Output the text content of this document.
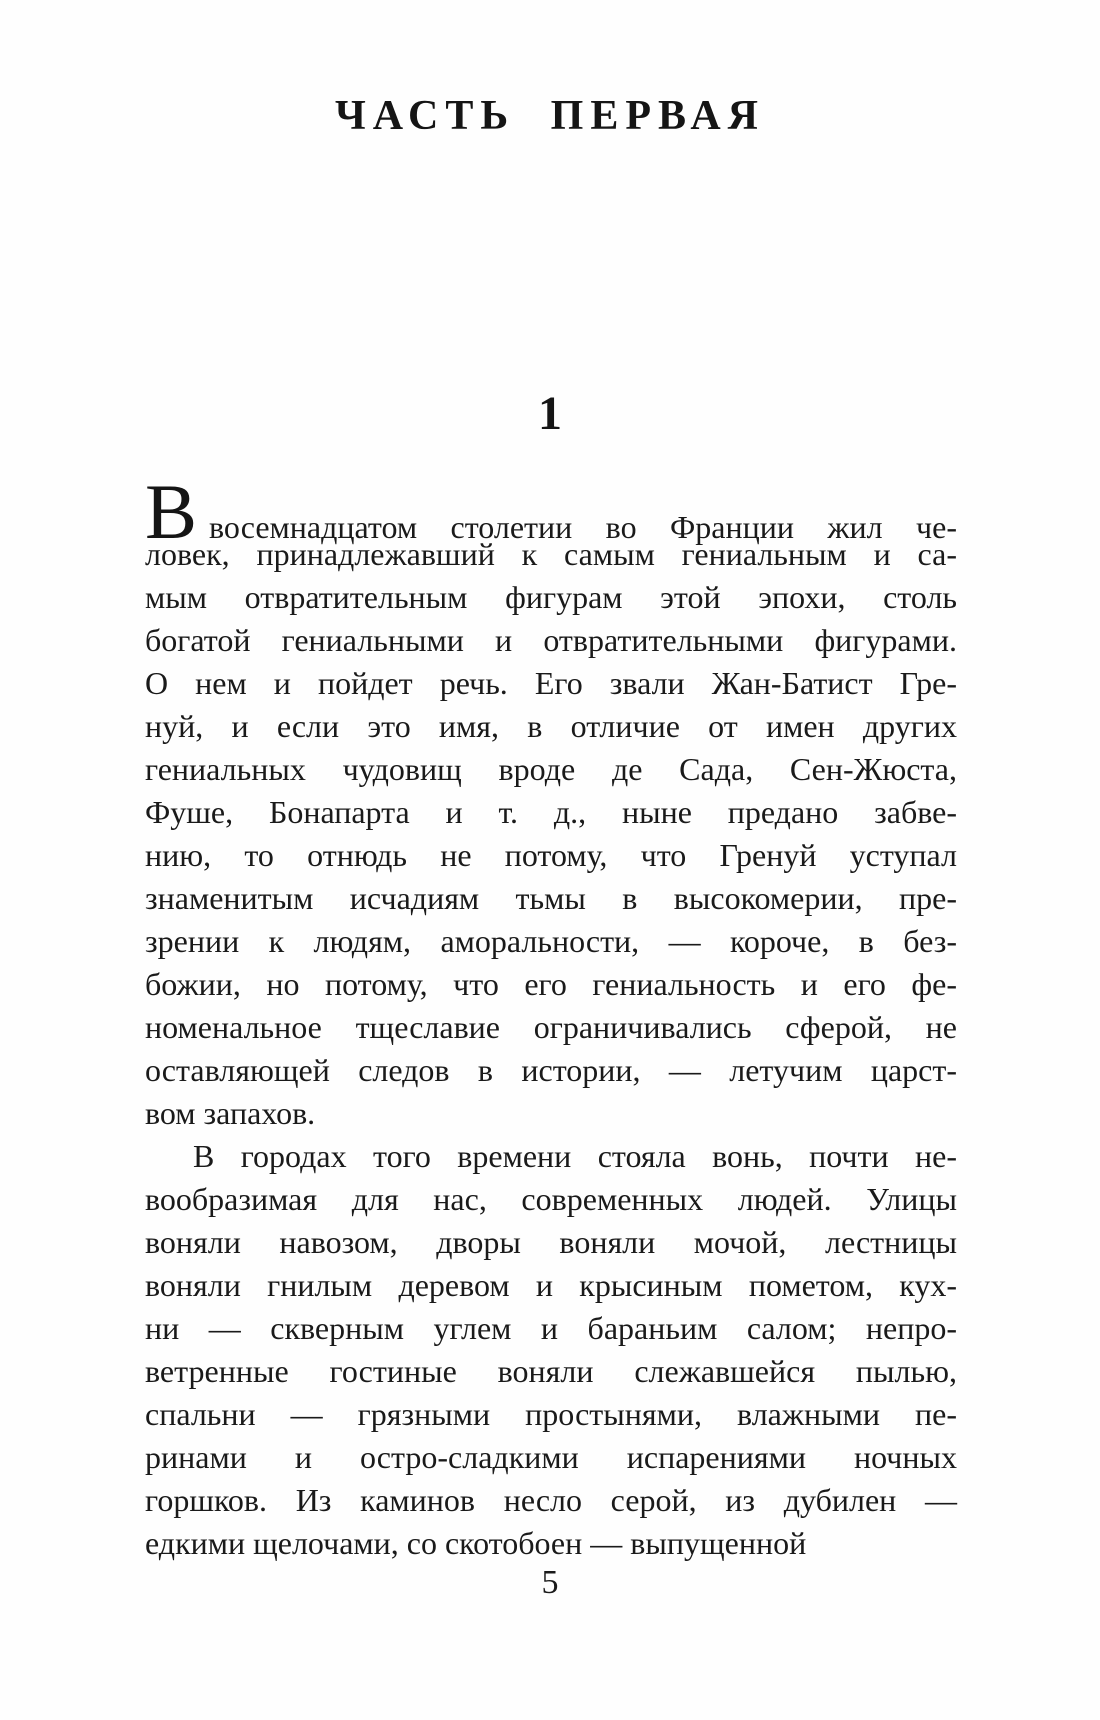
ЧАСТЬ ПЕРВАЯ
1
Ввосемнадцатом столетии во Франции жил че-
ловек, принадлежавший к самым гениальным и са-
мым отвратительным фигурам этой эпохи, столь
богатой гениальными и отвратительными фигурами.
О нем и пойдет речь. Его звали Жан-Батист Гре-
нуй, и если это имя, в отличие от имен других
гениальных чудовищ вроде де Сада, Сен-Жюста,
Фуше, Бонапарта и т. д., ныне предано забве-
нию, то отнюдь не потому, что Гренуй уступал
знаменитым исчадиям тьмы в высокомерии, пре-
зрении к людям, аморальности, — короче, в без-
божии, но потому, что его гениальность и его фе-
номенальное тщеславие ограничивались сферой, не
оставляющей следов в истории, — летучим царст-
вом запахов.
В городах того времени стояла вонь, почти не-
вообразимая для нас, современных людей. Улицы
воняли навозом, дворы воняли мочой, лестницы
воняли гнилым деревом и крысиным пометом, кух-
ни — скверным углем и бараньим салом; непро-
ветренные гостиные воняли слежавшейся пылью,
спальни — грязными простынями, влажными пе-
ринами и остро-сладкими испарениями ночных
горшков. Из каминов несло серой, из дубилен —
едкими щелочами, со скотобоен — выпущенной
5
